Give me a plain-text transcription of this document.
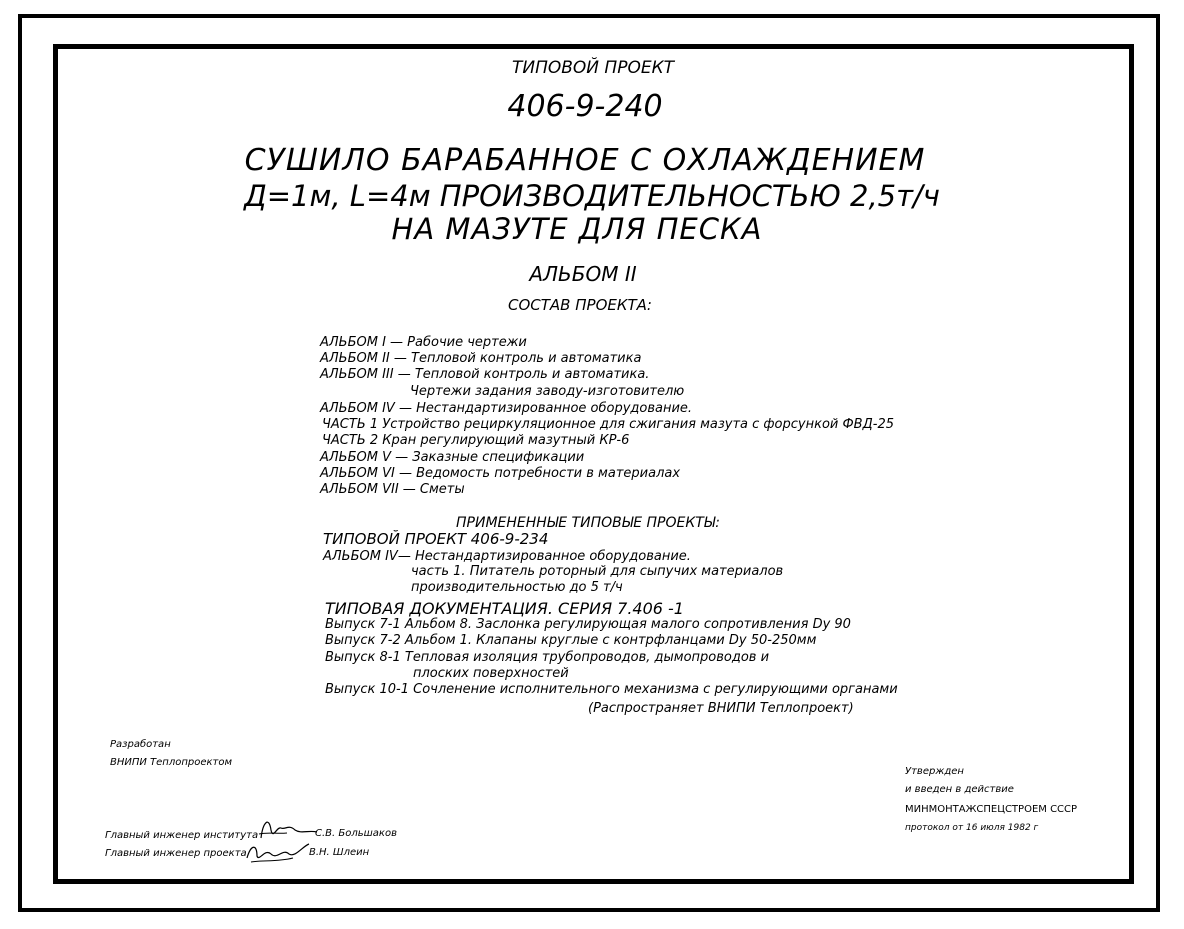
ТИПОВОЙ ПРОЕКТ
406-9-240
СУШИЛО БАРАБАННОЕ С ОХЛАЖДЕНИЕМ
Д=1м, L=4м ПРОИЗВОДИТЕЛЬНОСТЬЮ 2,5т/ч
НА МАЗУТЕ ДЛЯ ПЕСКА
АЛЬБОМ II
СОСТАВ ПРОЕКТА:
АЛЬБОМ I — Рабочие чертежи
АЛЬБОМ II — Тепловой контроль и автоматика
АЛЬБОМ III — Тепловой контроль и автоматика.
Чертежи задания заводу-изготовителю
АЛЬБОМ IV — Нестандартизированное оборудование.
ЧАСТЬ 1 Устройство рециркуляционное для сжигания мазута с форсункой ФВД-25
ЧАСТЬ 2 Кран регулирующий мазутный КР-6
АЛЬБОМ V — Заказные спецификации
АЛЬБОМ VI — Ведомость потребности в материалах
АЛЬБОМ VII — Сметы
ПРИМЕНЕННЫЕ ТИПОВЫЕ ПРОЕКТЫ:
ТИПОВОЙ ПРОЕКТ 406-9-234
АЛЬБОМ IV— Нестандартизированное оборудование.
часть 1. Питатель роторный для сыпучих материалов
производительностью до 5 т/ч
ТИПОВАЯ ДОКУМЕНТАЦИЯ. СЕРИЯ 7.406 -1
Выпуск 7-1 Альбом 8. Заслонка регулирующая малого сопротивления Dу 90
Выпуск 7-2 Альбом 1. Клапаны круглые с контрфланцами Dу 50-250мм
Выпуск 8-1 Тепловая изоляция трубопроводов, дымопроводов и
плоских поверхностей
Выпуск 10-1 Сочленение исполнительного механизма с регулирующими органами
(Распространяет ВНИПИ Теплопроект)
Разработан
ВНИПИ Теплопроектом
Главный инженер института	С.В. Большаков
Главный инженер проекта	В.Н. Шлеин
Утвержден
и введен в действие
МИНМОНТАЖСПЕЦСТРОЕМ СССР
протокол от 16 июля 1982 г
